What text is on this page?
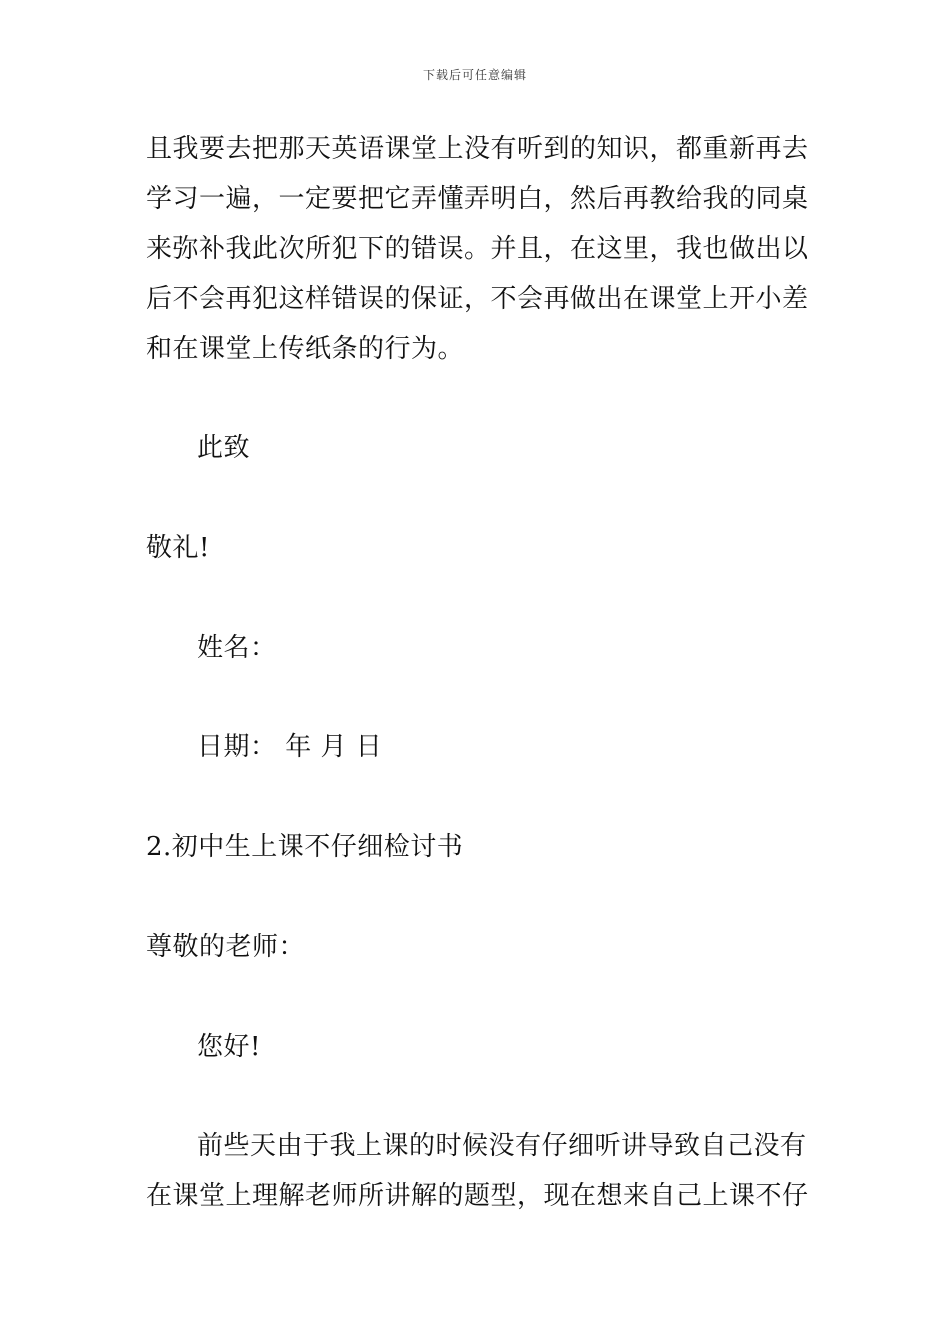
下载后可任意编辑
且我要去把那天英语课堂上没有听到的知识，都重新再去
学习一遍，一定要把它弄懂弄明白，然后再教给我的同桌
来弥补我此次所犯下的错误。并且，在这里，我也做出以
后不会再犯这样错误的保证，不会再做出在课堂上开小差
和在课堂上传纸条的行为。
此致
敬礼!
姓名：
日期： 年 月 日
2.初中生上课不仔细检讨书
尊敬的老师：
您好!
前些天由于我上课的时候没有仔细听讲导致自己没有
在课堂上理解老师所讲解的题型，现在想来自己上课不仔
